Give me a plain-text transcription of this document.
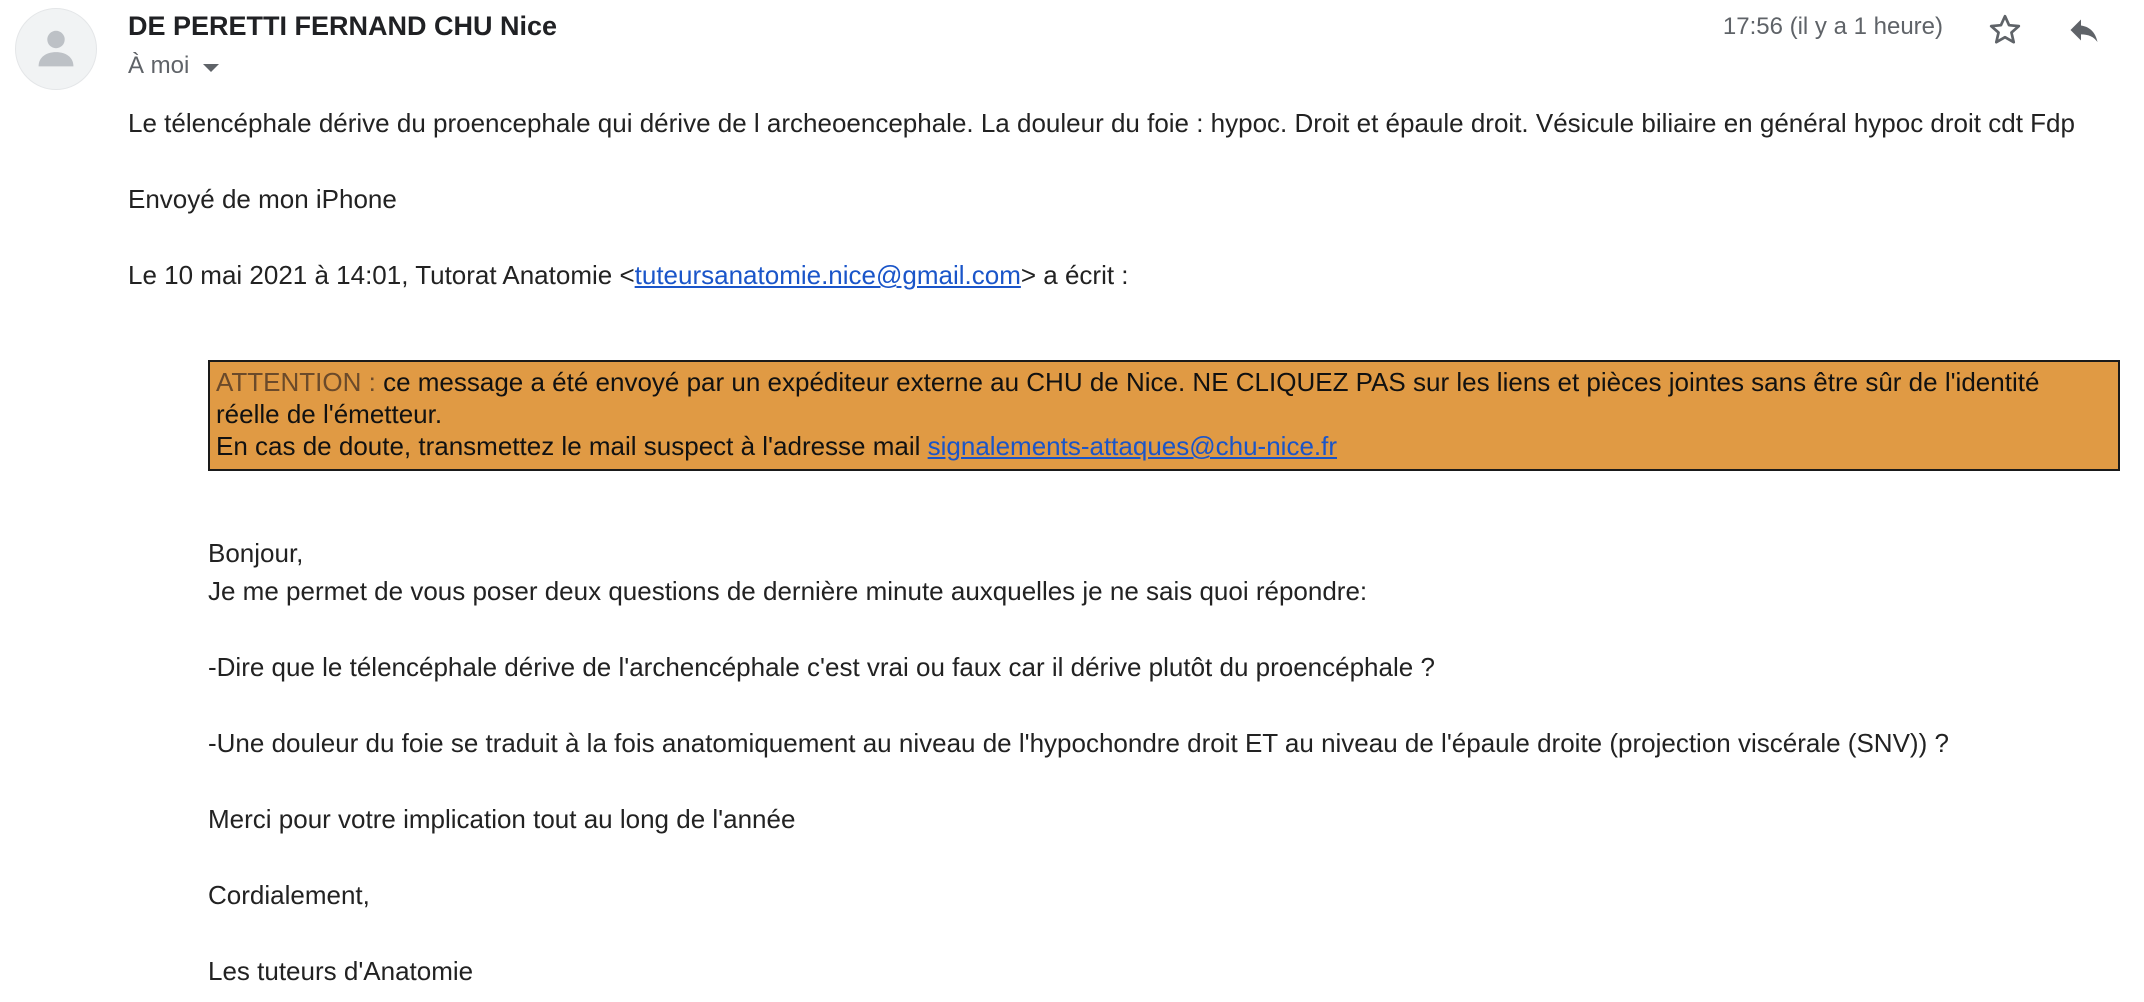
DE PERETTI FERNAND CHU Nice
À moi
17:56 (il y a 1 heure)
Le télencéphale dérive du proencephale qui dérive de l archeoencephale. La douleur du foie : hypoc. Droit et épaule droit. Vésicule biliaire en général hypoc droit cdt Fdp
Envoyé de mon iPhone
Le 10 mai 2021 à 14:01, Tutorat Anatomie <tuteursanatomie.nice@gmail.com> a écrit :
ATTENTION : ce message a été envoyé par un expéditeur externe au CHU de Nice. NE CLIQUEZ PAS sur les liens et pièces jointes sans être sûr de l'identité
réelle de l'émetteur.
En cas de doute, transmettez le mail suspect à l'adresse mail signalements-attaques@chu-nice.fr
Bonjour,
Je me permet de vous poser deux questions de dernière minute auxquelles je ne sais quoi répondre:
-Dire que le télencéphale dérive de l'archencéphale c'est vrai ou faux car il dérive plutôt du proencéphale ?
-Une douleur du foie se traduit à la fois anatomiquement au niveau de l'hypochondre droit ET au niveau de l'épaule droite (projection viscérale (SNV)) ?
Merci pour votre implication tout au long de l'année
Cordialement,
Les tuteurs d'Anatomie
